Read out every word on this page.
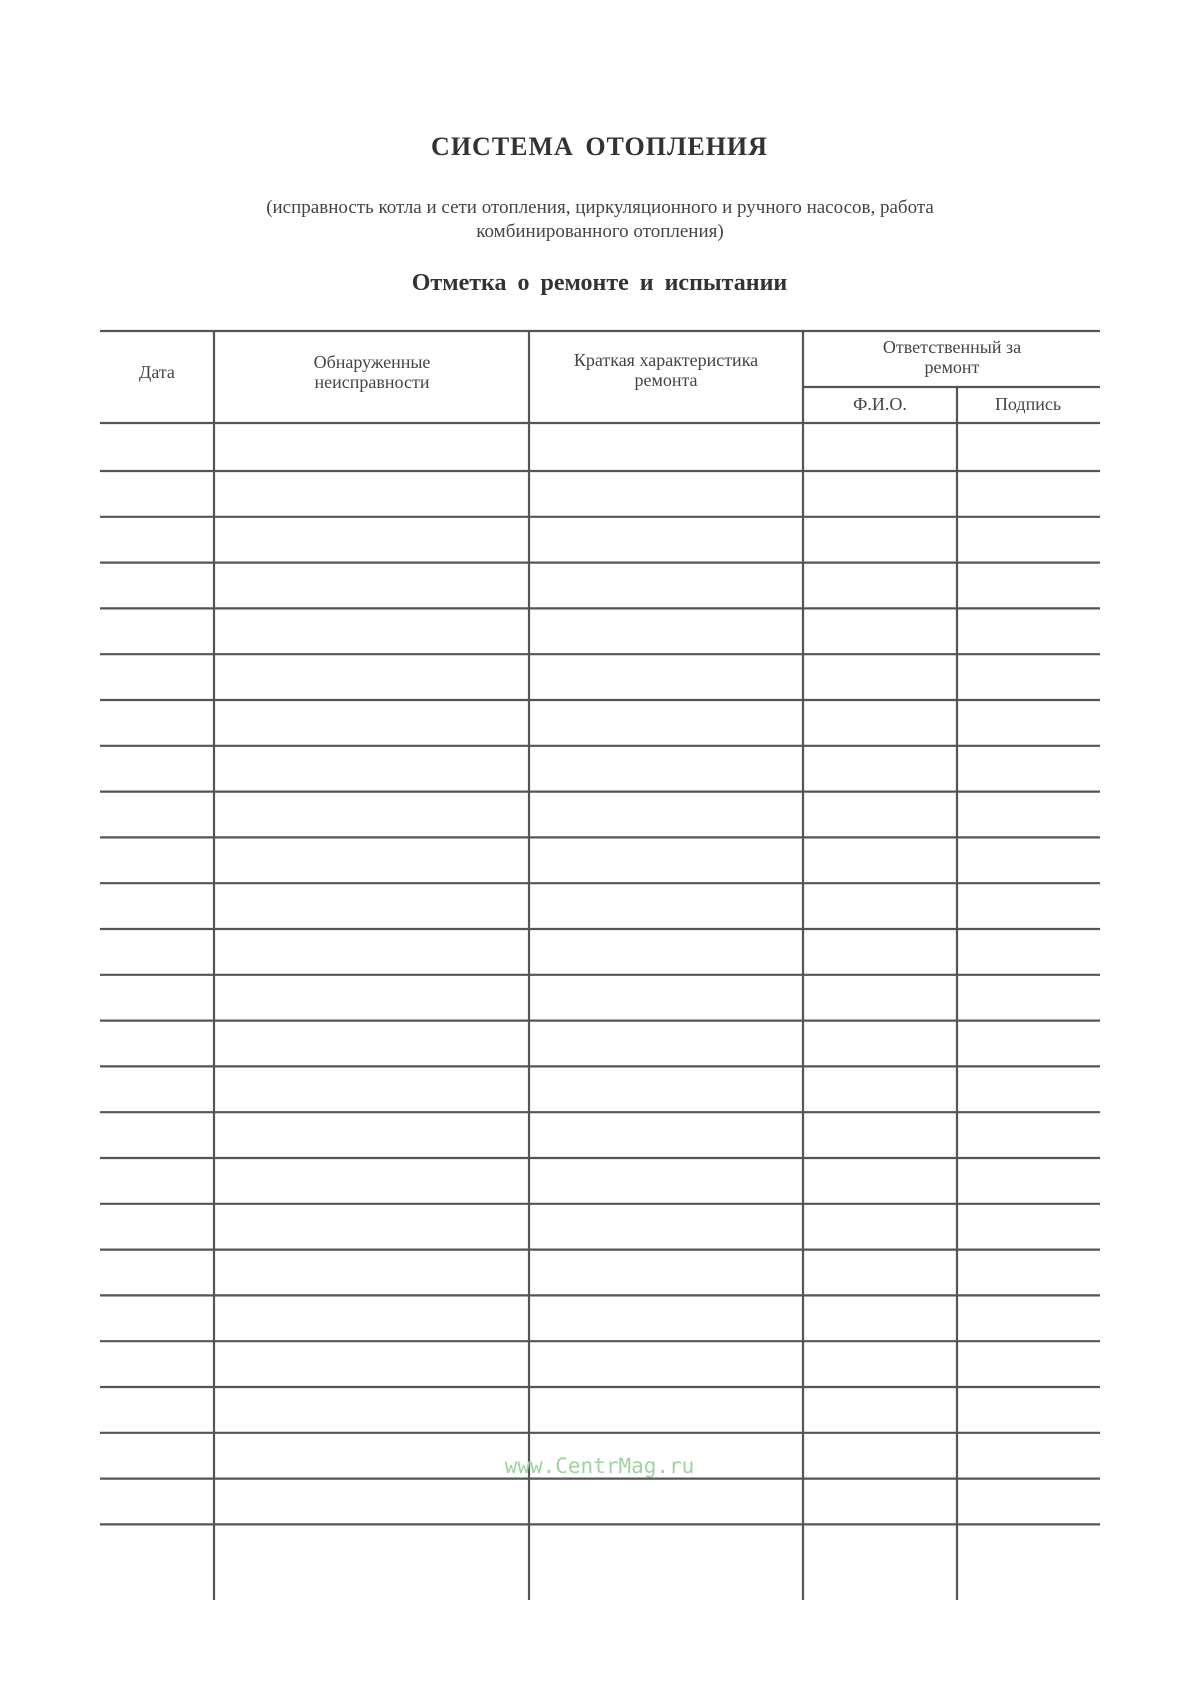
СИСТЕМА ОТОПЛЕНИЯ
(исправность котла и сети отопления, циркуляционного и ручного насосов, работа
комбинированного отопления)
Отметка о ремонте и испытании
Дата	Обнаруженные
неисправности
Краткая характеристика
ремонта
Ответственный за
ремонт
Ф.И.О.	Подпись
www.CentrMag.ru
